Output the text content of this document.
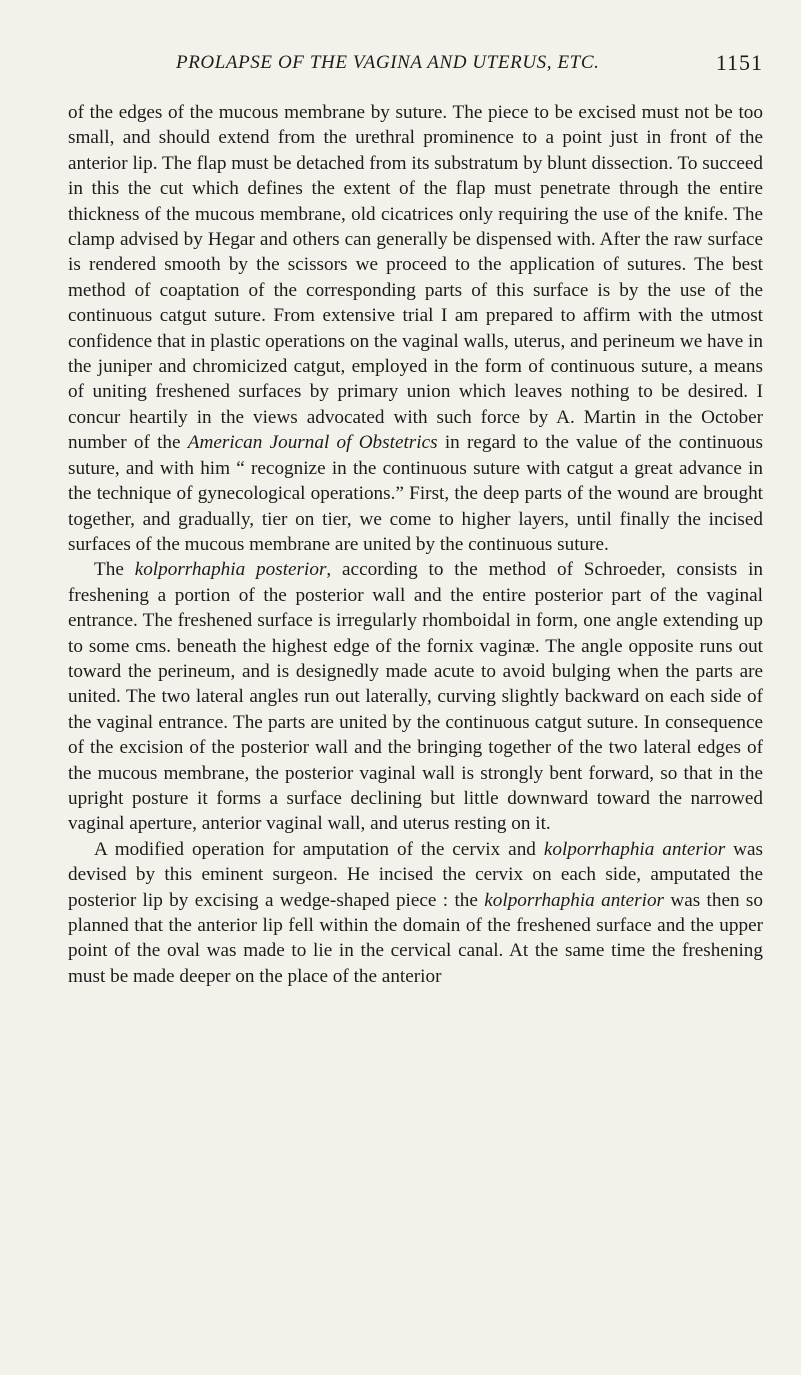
PROLAPSE OF THE VAGINA AND UTERUS, ETC.	1151

of the edges of the mucous membrane by suture. The piece to be excised must not be too small, and should extend from the urethral prominence to a point just in front of the anterior lip. The flap must be detached from its substratum by blunt dissection. To succeed in this the cut which defines the extent of the flap must penetrate through the entire thickness of the mucous membrane, old cicatrices only requiring the use of the knife. The clamp advised by Hegar and others can generally be dispensed with. After the raw surface is rendered smooth by the scissors we proceed to the application of sutures. The best method of coaptation of the corresponding parts of this surface is by the use of the continuous catgut suture. From extensive trial I am prepared to affirm with the utmost confidence that in plastic operations on the vaginal walls, uterus, and perineum we have in the juniper and chromicized catgut, employed in the form of continuous suture, a means of uniting freshened surfaces by primary union which leaves nothing to be desired. I concur heartily in the views advocated with such force by A. Martin in the October number of the American Journal of Obstetrics in regard to the value of the continuous suture, and with him “ recognize in the continuous suture with catgut a great advance in the technique of gynecological operations.” First, the deep parts of the wound are brought together, and gradually, tier on tier, we come to higher layers, until finally the incised surfaces of the mucous membrane are united by the continuous suture.

The kolporrhaphia posterior, according to the method of Schroeder, consists in freshening a portion of the posterior wall and the entire posterior part of the vaginal entrance. The freshened surface is irregularly rhomboidal in form, one angle extending up to some cms. beneath the highest edge of the fornix vaginæ. The angle opposite runs out toward the perineum, and is designedly made acute to avoid bulging when the parts are united. The two lateral angles run out laterally, curving slightly backward on each side of the vaginal entrance. The parts are united by the continuous catgut suture. In consequence of the excision of the posterior wall and the bringing together of the two lateral edges of the mucous membrane, the posterior vaginal wall is strongly bent forward, so that in the upright posture it forms a surface declining but little downward toward the narrowed vaginal aperture, anterior vaginal wall, and uterus resting on it.

A modified operation for amputation of the cervix and kolporrhaphia anterior was devised by this eminent surgeon. He incised the cervix on each side, amputated the posterior lip by excising a wedge-shaped piece : the kolporrhaphia anterior was then so planned that the anterior lip fell within the domain of the freshened surface and the upper point of the oval was made to lie in the cervical canal. At the same time the freshening must be made deeper on the place of the anterior
